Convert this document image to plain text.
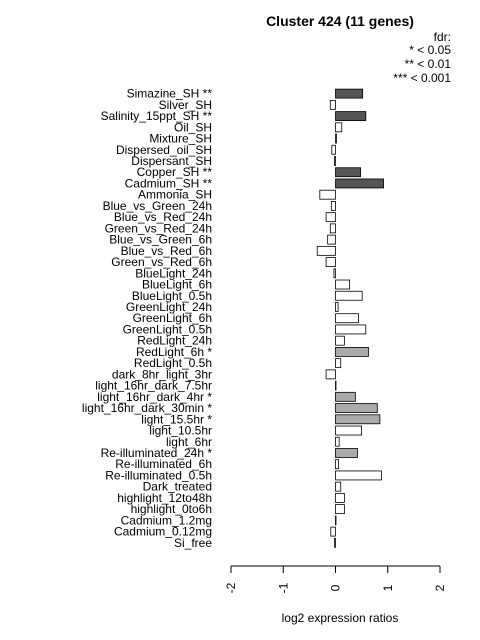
Cluster 424 (11 genes)
fdr:
* < 0.05
** < 0.01
*** < 0.001
Simazine_SH **
Silver_SH
Salinity_15ppt_SH **
Oil_SH
Mixture_SH
Dispersed_oil_SH
Dispersant_SH
Copper_SH **
Cadmium_SH **
Ammonia_SH
Blue_vs_Green_24h
Blue_vs_Red_24h
Green_vs_Red_24h
Blue_vs_Green_6h
Blue_vs_Red_6h
Green_vs_Red_6h
BlueLight_24h
BlueLight_6h
BlueLight_0.5h
GreenLight_24h
GreenLight_6h
GreenLight_0.5h
RedLight_24h
RedLight_6h *
RedLight_0.5h
dark_8hr_light_3hr
light_16hr_dark_7.5hr
light_16hr_dark_4hr *
light_16hr_dark_30min *
light_15.5hr *
light_10.5hr
light_6hr
Re-illuminated_24h *
Re-illuminated_6h
Re-illuminated_0.5h
Dark_treated
highlight_12to48h
highlight_0to6h
Cadmium_1.2mg
Cadmium_0.12mg
Si_free
-2	-1	0	1	2
log2 expression ratios
